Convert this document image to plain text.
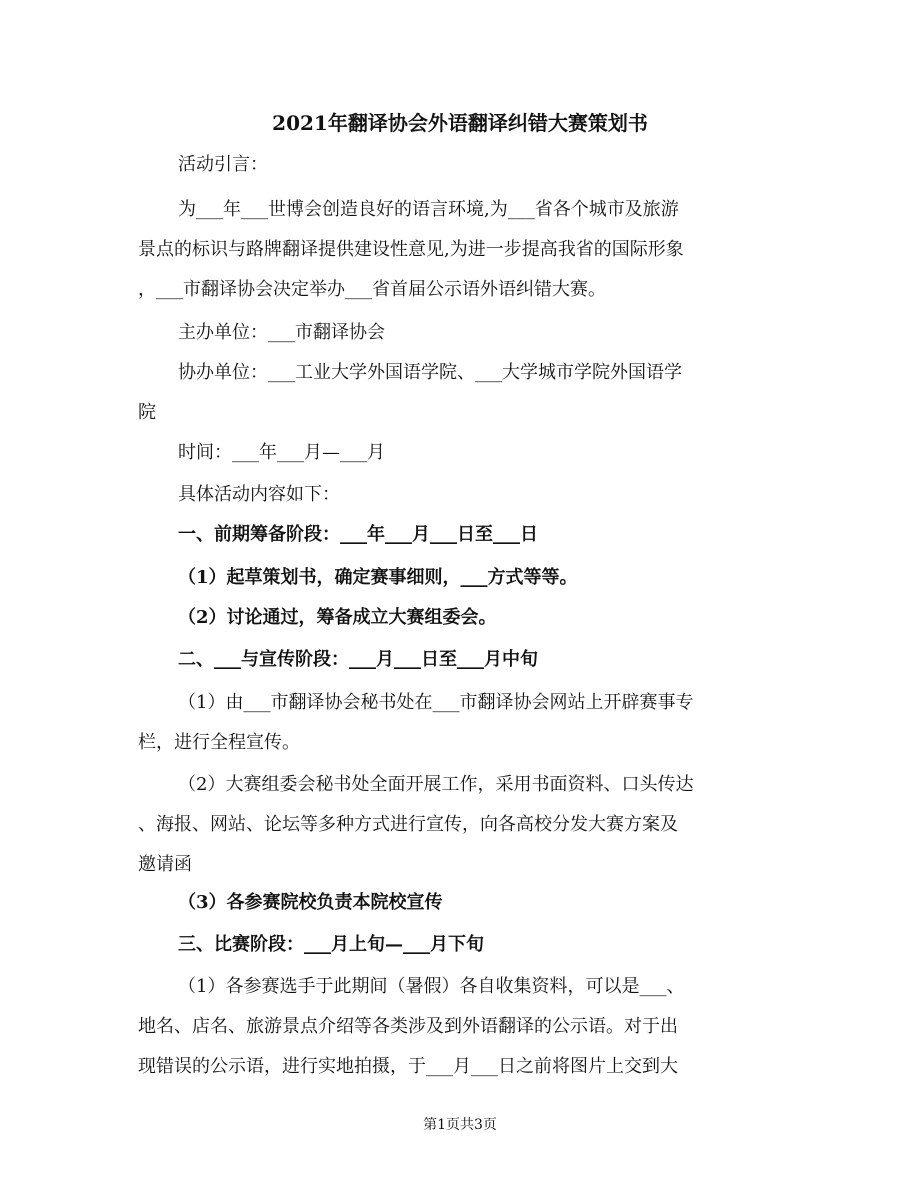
2021年翻译协会外语翻译纠错大赛策划书
活动引言：
为___年___世博会创造良好的语言环境,为___省各个城市及旅游
景点的标识与路牌翻译提供建设性意见,为进一步提高我省的国际形象
，___市翻译协会决定举办___省首届公示语外语纠错大赛。
主办单位：___市翻译协会
协办单位：___工业大学外国语学院、___大学城市学院外国语学
院
时间：___年___月—___月
具体活动内容如下：
一、前期筹备阶段：___年___月___日至___日
（1）起草策划书，确定赛事细则，___方式等等。
（2）讨论通过，筹备成立大赛组委会。
二、___与宣传阶段：___月___日至___月中旬
（1）由___市翻译协会秘书处在___市翻译协会网站上开辟赛事专
栏，进行全程宣传。
（2）大赛组委会秘书处全面开展工作，采用书面资料、口头传达
、海报、网站、论坛等多种方式进行宣传，向各高校分发大赛方案及
邀请函
（3）各参赛院校负责本院校宣传
三、比赛阶段：___月上旬—___月下旬
（1）各参赛选手于此期间（暑假）各自收集资料，可以是___、
地名、店名、旅游景点介绍等各类涉及到外语翻译的公示语。对于出
现错误的公示语，进行实地拍摄，于___月___日之前将图片上交到大
第1页共3页
